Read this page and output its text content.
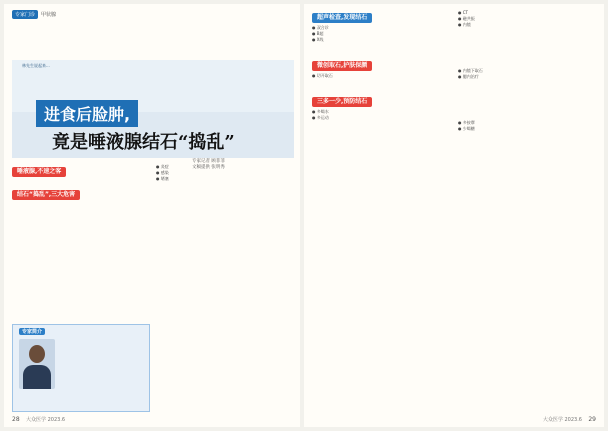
专家门诊	甲状腺
林先生说起来...
进食后脸肿,
竟是唾液腺结石“捣乱”
专家记者 顾菲菲
文稿提供 张明秀
唾液腺,不速之客

结石“捣乱”,三大危害
● 炎症
● 感染
● 堵塞
专家简介
28 大众医学 2023.6
超声检查,发现结石
● 双合诊
● B超
● X线
微创取石,护肤保颜
● 切开取石
三多一少,预防结石
● 多喝水
● 多运动
● CT
● 磁共振
● 内镜
● 内镜下取石
● 腮内治疗
● 多按摩
● 少喝糖
大众医学 2023.6 29
